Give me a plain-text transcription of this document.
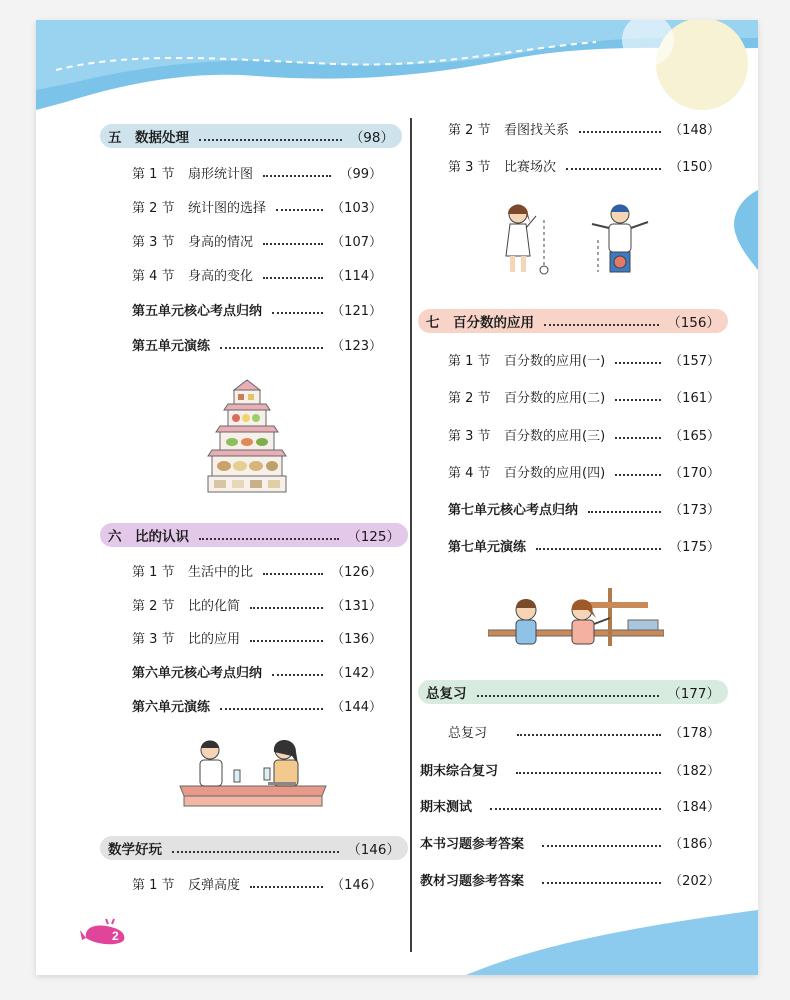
五　数据处理	（98）
第 1 节 扇形统计图	（99）
第 2 节 统计图的选择	（103）
第 3 节 身高的情况	（107）
第 4 节 身高的变化	（114）
第五单元核心考点归纳	（121）
第五单元演练	（123）
六　比的认识	（125）
第 1 节 生活中的比	（126）
第 2 节 比的化简	（131）
第 3 节 比的应用	（136）
第六单元核心考点归纳	（142）
第六单元演练	（144）
数学好玩	（146）
第 1 节 反弹高度	（146）
2
第 2 节 看图找关系	（148）
第 3 节 比赛场次	（150）
七　百分数的应用	（156）
第 1 节 百分数的应用(一)	（157）
第 2 节 百分数的应用(二)	（161）
第 3 节 百分数的应用(三)	（165）
第 4 节 百分数的应用(四)	（170）
第七单元核心考点归纳	（173）
第七单元演练	（175）
总复习	（177）
总复习	（178）
期末综合复习	（182）
期末测试	（184）
本书习题参考答案	（186）
教材习题参考答案	（202）
